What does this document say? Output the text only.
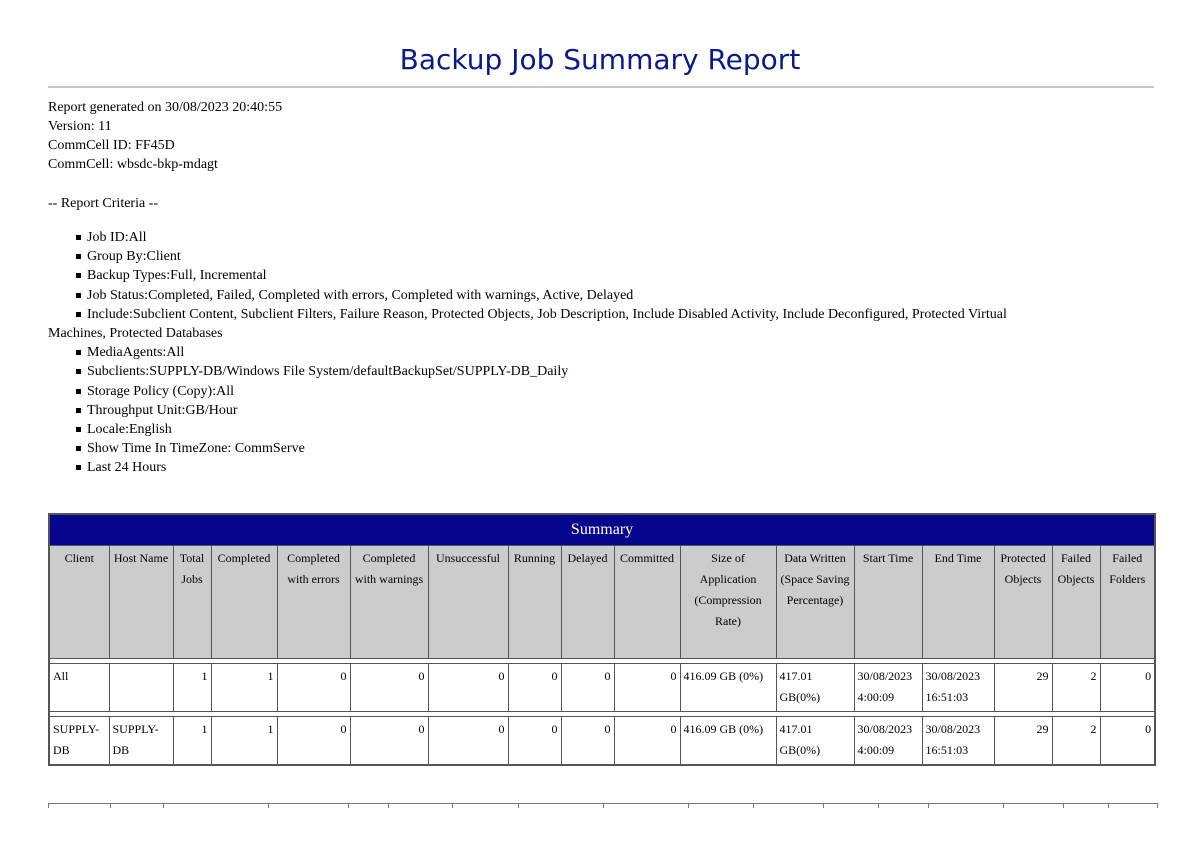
Backup Job Summary Report
Report generated on 30/08/2023 20:40:55
Version: 11
CommCell ID: FF45D
CommCell: wbsdc-bkp-mdagt
-- Report Criteria --
Job ID:All
Group By:Client
Backup Types:Full, Incremental
Job Status:Completed, Failed, Completed with errors, Completed with warnings, Active, Delayed
Include:Subclient Content, Subclient Filters, Failure Reason, Protected Objects, Job Description, Include Disabled Activity, Include Deconfigured, Protected Virtual
Machines, Protected Databases
MediaAgents:All
Subclients:SUPPLY-DB/Windows File System/defaultBackupSet/SUPPLY-DB_Daily
Storage Policy (Copy):All
Throughput Unit:GB/Hour
Locale:English
Show Time In TimeZone: CommServe
Last 24 Hours
Summary																
Client	Host Name	Total Jobs	Completed	Completed with errors	Completed with warnings	Unsuccessful	Running	Delayed	Committed	Size of Application (Compression Rate)	Data Written (Space Saving Percentage)	Start Time	End Time	Protected Objects	Failed Objects	Failed Folders

All		1	1	0	0	0	0	0	0	416.09 GB (0%)	417.01 GB(0%)	30/08/2023 4:00:09	30/08/2023 16:51:03	29	2	0

SUPPLY-DB	SUPPLY-DB	1	1	0	0	0	0	0	0	416.09 GB (0%)	417.01 GB(0%)	30/08/2023 4:00:09	30/08/2023 16:51:03	29	2	0
